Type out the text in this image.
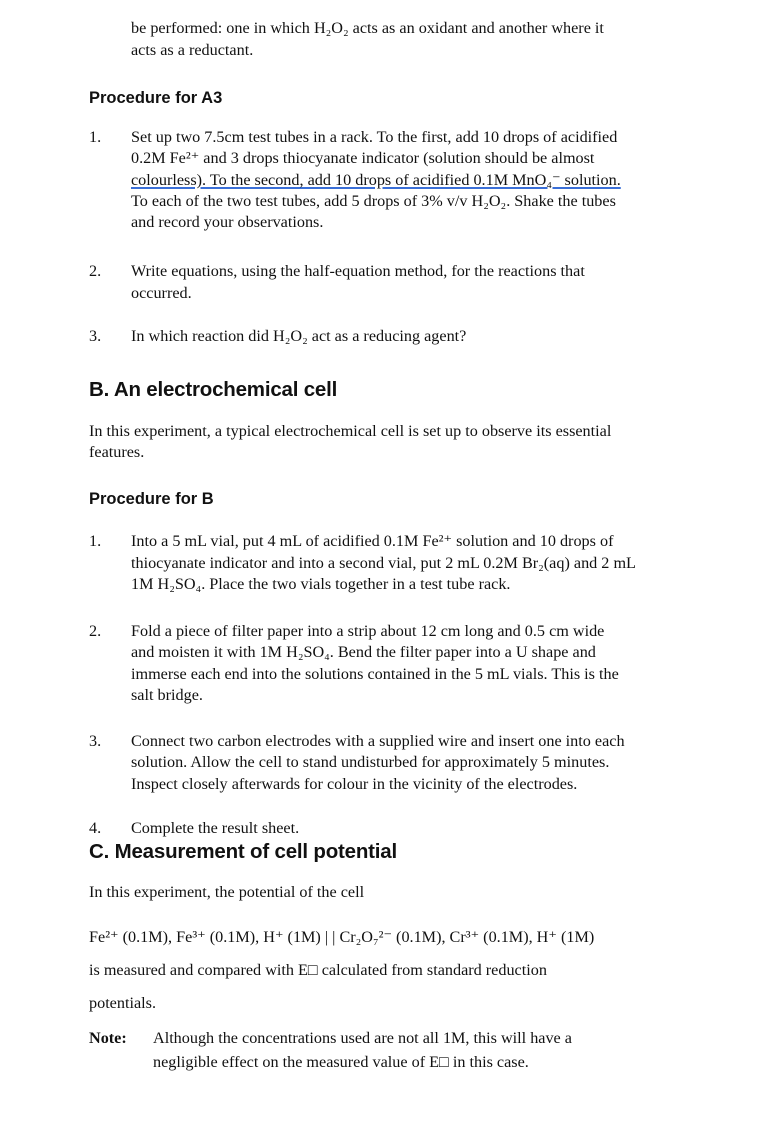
be performed: one in which H₂O₂ acts as an oxidant and another where it
acts as a reductant.
Procedure for A3
1. Set up two 7.5cm test tubes in a rack. To the first, add 10 drops of acidified
0.2M Fe²⁺ and 3 drops thiocyanate indicator (solution should be almost
colourless). To the second, add 10 drops of acidified 0.1M MnO₄⁻ solution.
To each of the two test tubes, add 5 drops of 3% v/v H₂O₂. Shake the tubes
and record your observations.
2. Write equations, using the half-equation method, for the reactions that
occurred.
3. In which reaction did H₂O₂ act as a reducing agent?
B. An electrochemical cell
In this experiment, a typical electrochemical cell is set up to observe its essential
features.
Procedure for B
1. Into a 5 mL vial, put 4 mL of acidified 0.1M Fe²⁺ solution and 10 drops of
thiocyanate indicator and into a second vial, put 2 mL 0.2M Br₂(aq) and 2 mL
1M H₂SO₄. Place the two vials together in a test tube rack.
2. Fold a piece of filter paper into a strip about 12 cm long and 0.5 cm wide
and moisten it with 1M H₂SO₄. Bend the filter paper into a U shape and
immerse each end into the solutions contained in the 5 mL vials. This is the
salt bridge.
3. Connect two carbon electrodes with a supplied wire and insert one into each
solution. Allow the cell to stand undisturbed for approximately 5 minutes.
Inspect closely afterwards for colour in the vicinity of the electrodes.
4. Complete the result sheet.
C. Measurement of cell potential
In this experiment, the potential of the cell
Fe²⁺ (0.1M), Fe³⁺ (0.1M), H⁺ (1M) | | Cr₂O₇²⁻ (0.1M), Cr³⁺ (0.1M), H⁺ (1M)
is measured and compared with E□ calculated from standard reduction
potentials.
Note: Although the concentrations used are not all 1M, this will have a
negligible effect on the measured value of E□ in this case.
